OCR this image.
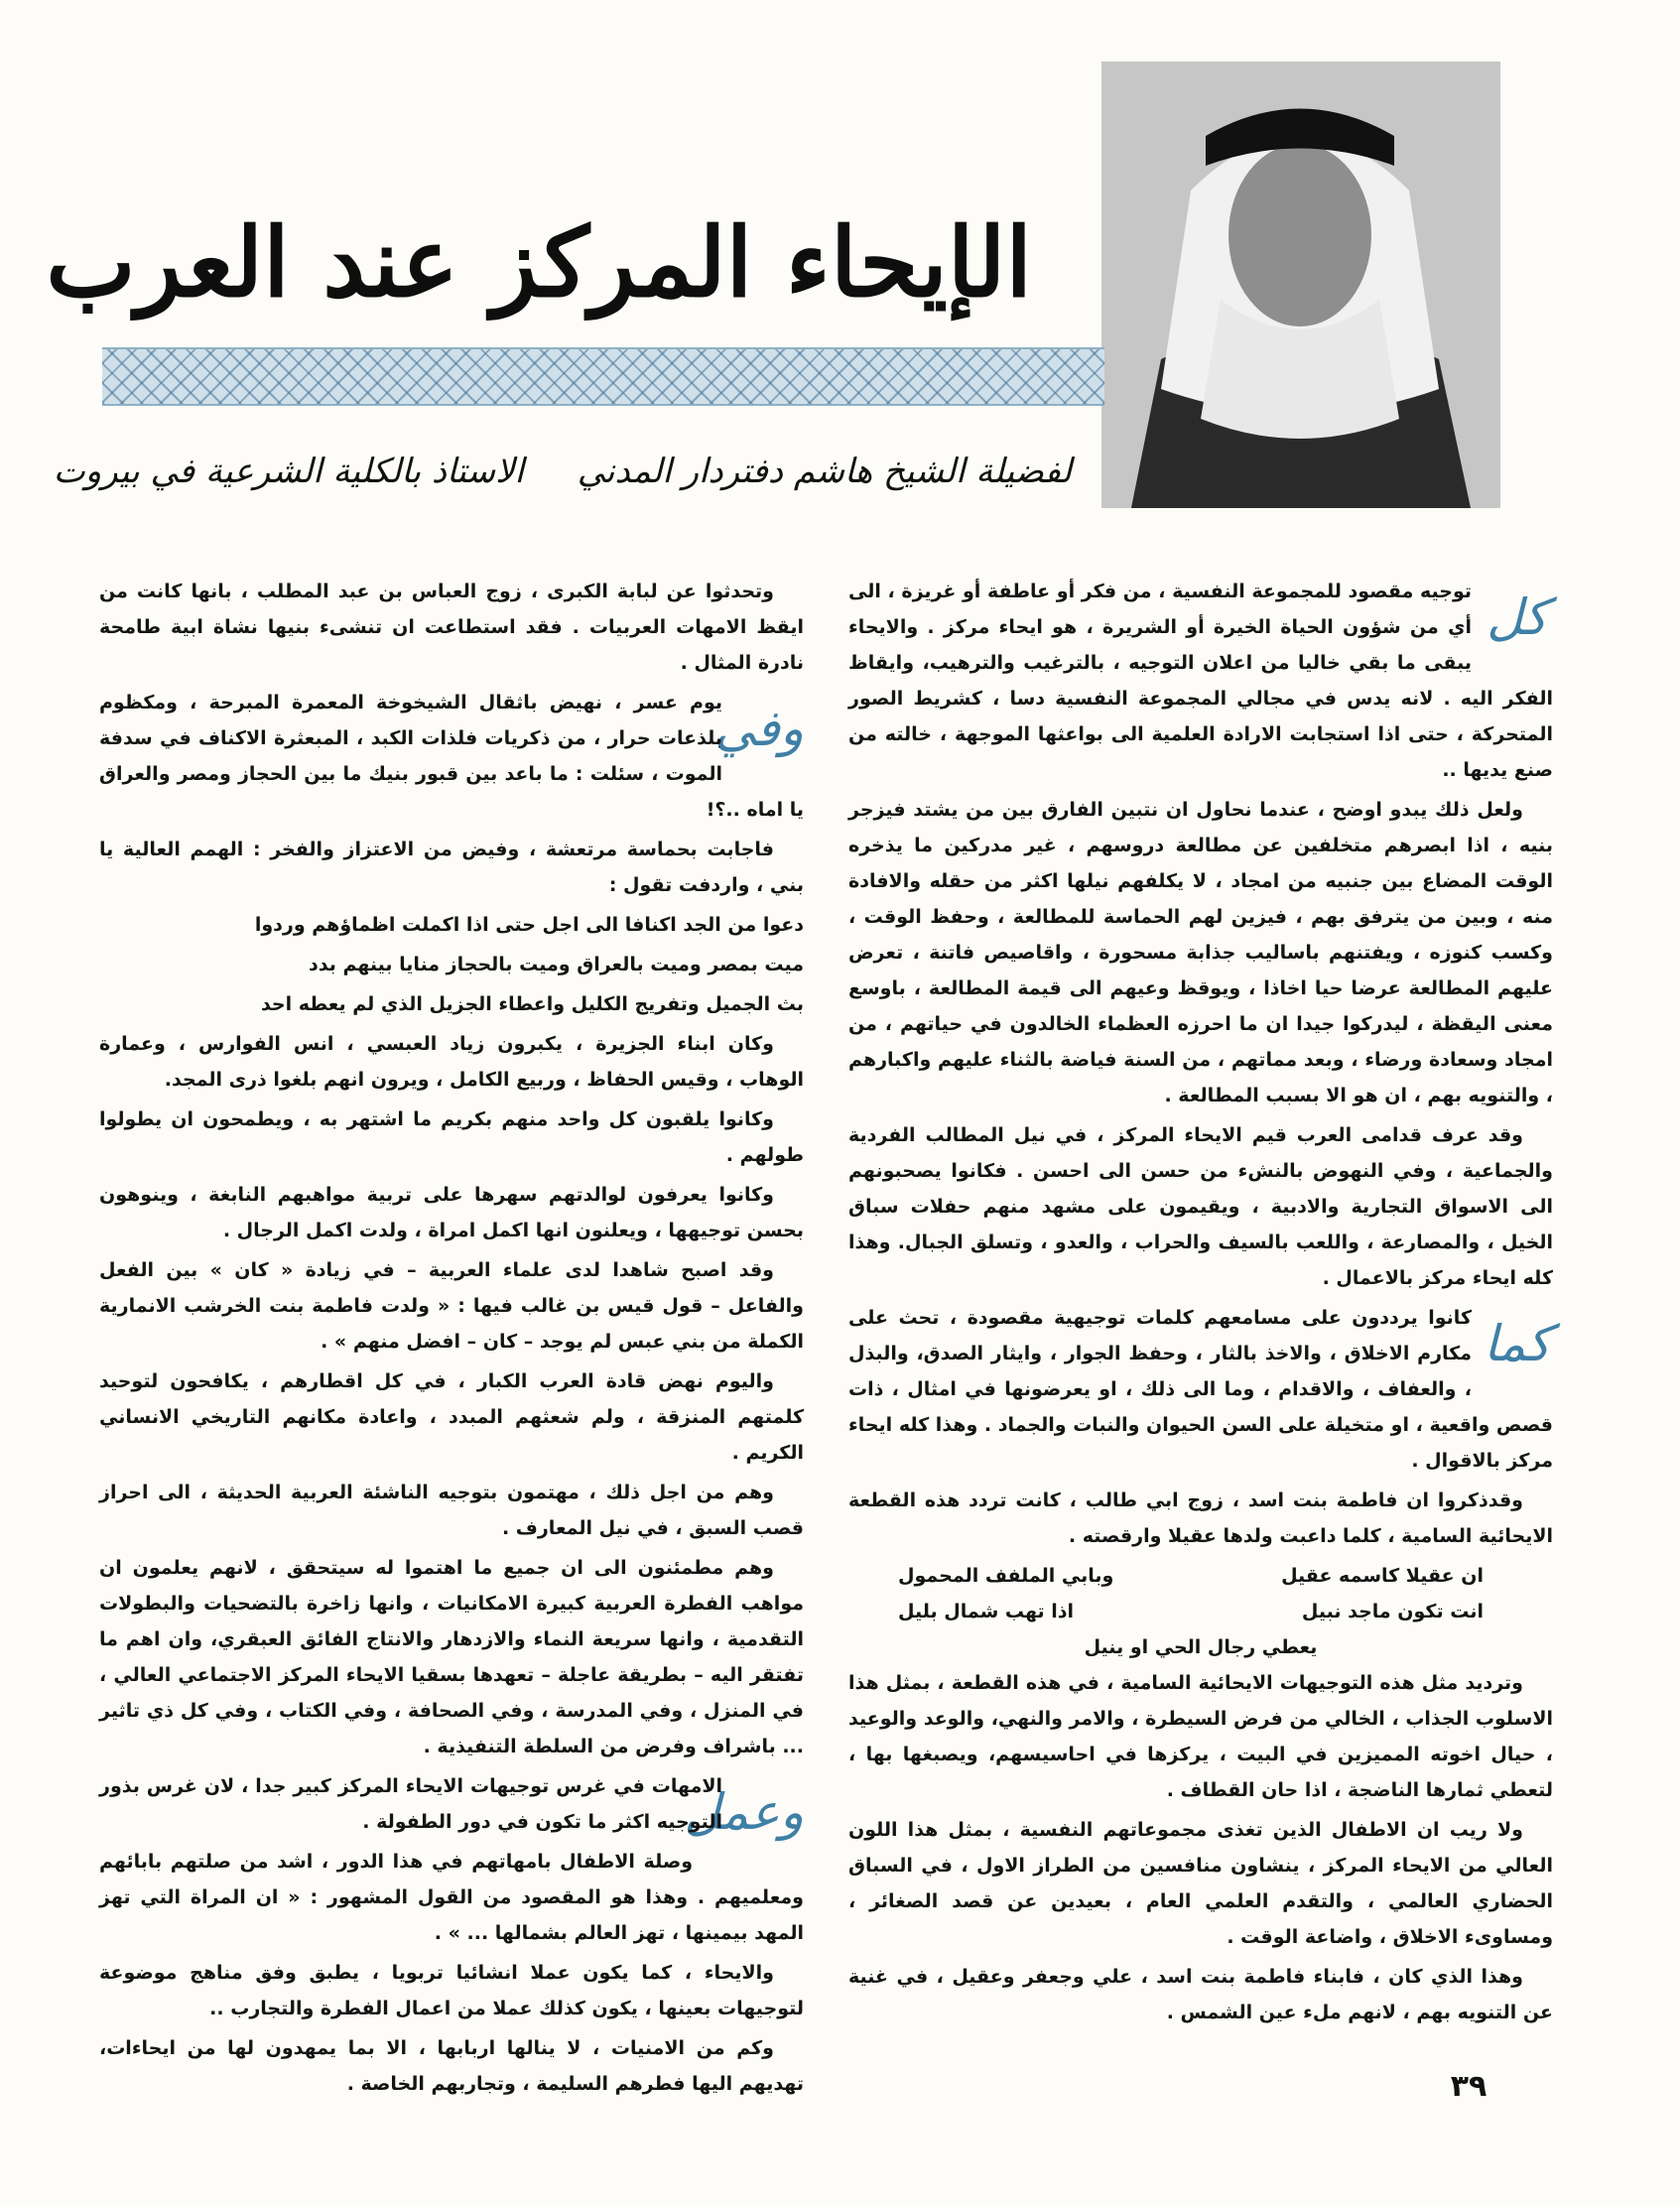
الإيحاء المركز عند العرب
لفضيلة الشيخ هاشم دفتردار المدني
الاستاذ بالكلية الشرعية في بيروت
كل

توجيه مقصود للمجموعة النفسية ، من فكر أو عاطفة أو غريزة ، الى أي من شؤون الحياة الخيرة أو الشريرة ، هو ايحاء مركز . والايحاء يبقى ما بقي خاليا من اعلان التوجيه ، بالترغيب والترهيب، وايقاظ الفكر اليه . لانه يدس في مجالي المجموعة النفسية دسا ، كشريط الصور المتحركة ، حتى اذا استجابت الارادة العلمية الى بواعثها الموجهة ، خالته من صنع يديها ..

ولعل ذلك يبدو اوضح ، عندما نحاول ان نتبين الفارق بين من يشتد فيزجر بنيه ، اذا ابصرهم متخلفين عن مطالعة دروسهم ، غير مدركين ما يذخره الوقت المضاع بين جنبيه من امجاد ، لا يكلفهم نيلها اكثر من حقله والافادة منه ، وبين من يترفق بهم ، فيزين لهم الحماسة للمطالعة ، وحفظ الوقت ، وكسب كنوزه ، ويفتنهم باساليب جذابة مسحورة ، واقاصيص فاتنة ، تعرض عليهم المطالعة عرضا حيا اخاذا ، ويوقظ وعيهم الى قيمة المطالعة ، باوسع معنى اليقظة ، ليدركوا جيدا ان ما احرزه العظماء الخالدون في حياتهم ، من امجاد وسعادة ورضاء ، وبعد مماتهم ، من السنة فياضة بالثناء عليهم واكبارهم ، والتنويه بهم ، ان هو الا بسبب المطالعة .

وقد عرف قدامى العرب قيم الايحاء المركز ، في نيل المطالب الفردية والجماعية ، وفي النهوض بالنشء من حسن الى احسن . فكانوا يصحبونهم الى الاسواق التجارية والادبية ، ويقيمون على مشهد منهم حفلات سباق الخيل ، والمصارعة ، واللعب بالسيف والحراب ، والعدو ، وتسلق الجبال. وهذا كله ايحاء مركز بالاعمال .

كما

كانوا يرددون على مسامعهم كلمات توجيهية مقصودة ، تحث على مكارم الاخلاق ، والاخذ بالثار ، وحفظ الجوار ، وايثار الصدق، والبذل ، والعفاف ، والاقدام ، وما الى ذلك ، او يعرضونها في امثال ، ذات قصص واقعية ، او متخيلة على السن الحيوان والنبات والجماد . وهذا كله ايحاء مركز بالاقوال .

وقدذكروا ان فاطمة بنت اسد ، زوج ابي طالب ، كانت تردد هذه القطعة الايحائية السامية ، كلما داعبت ولدها عقيلا وارقصته .

ان عقيلا كاسمه عقيل
وبابي الملفف المحمول
انت تكون ماجد نبيل
اذا تهب شمال بليل
يعطي رجال الحي او ينيل

وترديد مثل هذه التوجيهات الايحائية السامية ، في هذه القطعة ، بمثل هذا الاسلوب الجذاب ، الخالي من فرض السيطرة ، والامر والنهي، والوعد والوعيد ، حيال اخوته المميزين في البيت ، يركزها في احاسيسهم، ويصبغها بها ، لتعطي ثمارها الناضجة ، اذا حان القطاف .

ولا ريب ان الاطفال الذين تغذى مجموعاتهم النفسية ، بمثل هذا اللون العالي من الايحاء المركز ، ينشاون منافسين من الطراز الاول ، في السباق الحضاري العالمي ، والتقدم العلمي العام ، بعيدين عن قصد الصغائر ، ومساوىء الاخلاق ، واضاعة الوقت .

وهذا الذي كان ، فابناء فاطمة بنت اسد ، علي وجعفر وعقيل ، في غنية عن التنويه بهم ، لانهم ملء عين الشمس .

وتحدثوا عن لبابة الكبرى ، زوج العباس بن عبد المطلب ، بانها كانت من ايقظ الامهات العربيات . فقد استطاعت ان تنشىء بنيها نشاة ابية طامحة نادرة المثال .

وفي

يوم عسر ، نهيض باثقال الشيخوخة المعمرة المبرحة ، ومكظوم بلذعات حرار ، من ذكريات فلذات الكبد ، المبعثرة الاكناف في سدفة الموت ، سئلت : ما باعد بين قبور بنيك ما بين الحجاز ومصر والعراق يا اماه ..؟!

فاجابت بحماسة مرتعشة ، وفيض من الاعتزاز والفخر : الهمم العالية يا بني ، واردفت تقول :

دعوا من الجد اكنافا الى اجل حتى اذا اكملت اظماؤهم وردوا

ميت بمصر وميت بالعراق وميت بالحجاز منايا بينهم بدد

بث الجميل وتفريج الكليل واعطاء الجزيل الذي لم يعطه احد

وكان ابناء الجزيرة ، يكبرون زياد العبسي ، انس الفوارس ، وعمارة الوهاب ، وقيس الحفاظ ، وربيع الكامل ، ويرون انهم بلغوا ذرى المجد.

وكانوا يلقبون كل واحد منهم بكريم ما اشتهر به ، ويطمحون ان يطولوا طولهم .

وكانوا يعرفون لوالدتهم سهرها على تربية مواهبهم النابغة ، وينوهون بحسن توجيهها ، ويعلنون انها اكمل امراة ، ولدت اكمل الرجال .

وقد اصبح شاهدا لدى علماء العربية – في زيادة « كان » بين الفعل والفاعل – قول قيس بن غالب فيها : « ولدت فاطمة بنت الخرشب الانمارية الكملة من بني عبس لم يوجد – كان – افضل منهم » .

واليوم نهض قادة العرب الكبار ، في كل اقطارهم ، يكافحون لتوحيد كلمتهم المنزقة ، ولم شعثهم المبدد ، واعادة مكانهم التاريخي الانساني الكريم .

وهم من اجل ذلك ، مهتمون بتوجيه الناشئة العربية الحديثة ، الى احراز قصب السبق ، في نيل المعارف .

وهم مطمئنون الى ان جميع ما اهتموا له سيتحقق ، لانهم يعلمون ان مواهب الفطرة العربية كبيرة الامكانيات ، وانها زاخرة بالتضحيات والبطولات التقدمية ، وانها سريعة النماء والازدهار والانتاج الفائق العبقري، وان اهم ما تفتقر اليه – بطريقة عاجلة – تعهدها بسقيا الايحاء المركز الاجتماعي العالي ، في المنزل ، وفي المدرسة ، وفي الصحافة ، وفي الكتاب ، وفي كل ذي تاثير ... باشراف وفرض من السلطة التنفيذية .

وعمل

الامهات في غرس توجيهات الايحاء المركز كبير جدا ، لان غرس بذور التوجيه اكثر ما تكون في دور الطفولة .

وصلة الاطفال بامهاتهم في هذا الدور ، اشد من صلتهم بابائهم ومعلميهم . وهذا هو المقصود من القول المشهور : « ان المراة التي تهز المهد بيمينها ، تهز العالم بشمالها ... » .

والايحاء ، كما يكون عملا انشائيا تربويا ، يطبق وفق مناهج موضوعة لتوجيهات بعينها ، يكون كذلك عملا من اعمال الفطرة والتجارب ..

وكم من الامنيات ، لا ينالها اربابها ، الا بما يمهدون لها من ايحاءات، تهديهم اليها فطرهم السليمة ، وتجاربهم الخاصة .	٣٩
